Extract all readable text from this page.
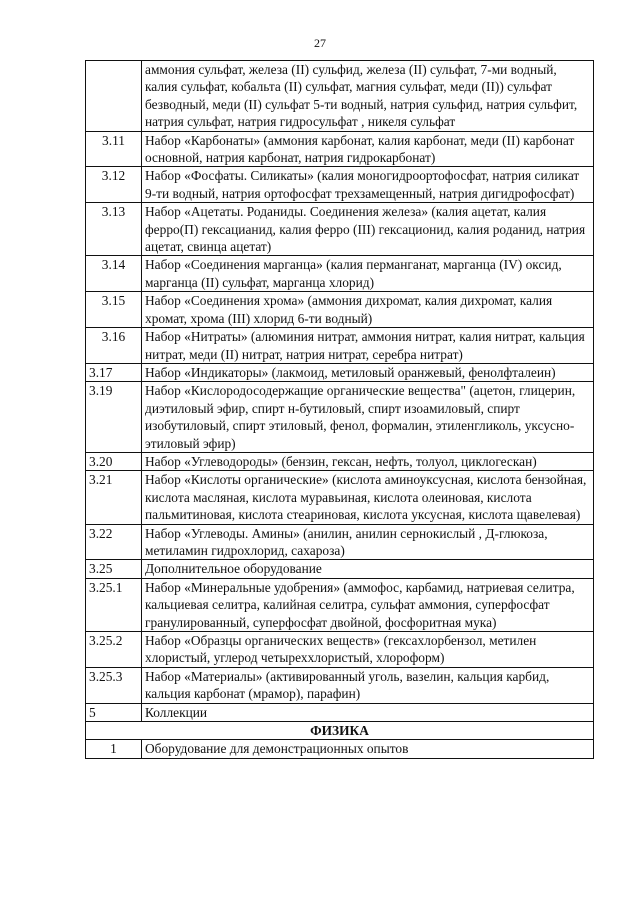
27
	аммония сульфат, железа (II) сульфид, железа (II) сульфат, 7-ми водный, калия сульфат, кобальта (II) сульфат, магния сульфат, меди (II)) сульфат безводный, меди (II) сульфат 5-ти водный, натрия сульфид, натрия сульфит, натрия сульфат, натрия гидросульфат , никеля сульфат
3.11	Набор «Карбонаты» (аммония карбонат, калия карбонат, меди (II) карбонат основной, натрия карбонат, натрия гидрокарбонат)
3.12	Набор «Фосфаты. Силикаты» (калия моногидроортофосфат, натрия силикат 9-ти водный, натрия ортофосфат трехзамещенный, натрия дигидрофосфат)
3.13	Набор «Ацетаты. Роданиды. Соединения железа» (калия ацетат, калия ферро(П) гексацианид, калия ферро (III) гексационид, калия роданид, натрия ацетат, свинца ацетат)
3.14	Набор «Соединения марганца» (калия перманганат, марганца (IV) оксид, марганца (II) сульфат, марганца хлорид)
3.15	Набор «Соединения хрома» (аммония дихромат, калия дихромат, калия хромат, хрома (III) хлорид 6-ти водный)
3.16	Набор «Нитраты» (алюминия нитрат, аммония нитрат, калия нитрат, кальция нитрат, меди (II) нитрат, натрия нитрат, серебра нитрат)
3.17	Набор «Индикаторы» (лакмоид, метиловый оранжевый, фенолфталеин)
3.19	Набор «Кислородосодержащие органические вещества" (ацетон, глицерин, диэтиловый эфир, спирт н-бутиловый, спирт изоамиловый, спирт изобутиловый, спирт этиловый, фенол, формалин, этиленгликоль, уксусно-этиловый эфир)
3.20	Набор «Углеводороды» (бензин, гексан, нефть, толуол, циклогескан)
3.21	Набор «Кислоты органические» (кислота аминоуксусная, кислота бензойная, кислота масляная, кислота муравьиная, кислота олеиновая, кислота пальмитиновая, кислота стеариновая, кислота уксусная, кислота щавелевая)
3.22	Набор «Углеводы. Амины» (анилин, анилин сернокислый , Д-глюкоза, метиламин гидрохлорид, сахароза)
3.25	Дополнительное оборудование
3.25.1	Набор «Минеральные удобрения» (аммофос, карбамид, натриевая селитра, кальциевая селитра, калийная селитра, сульфат аммония, суперфосфат гранулированный, суперфосфат двойной, фосфоритная мука)
3.25.2	Набор «Образцы органических веществ» (гексахлорбензол, метилен хлористый, углерод четыреххлористый, хлороформ)
3.25.3	Набор «Материалы» (активированный уголь, вазелин, кальция карбид, кальция карбонат (мрамор), парафин)
5	Коллекции
ФИЗИКА	
1	Оборудование для демонстрационных опытов
